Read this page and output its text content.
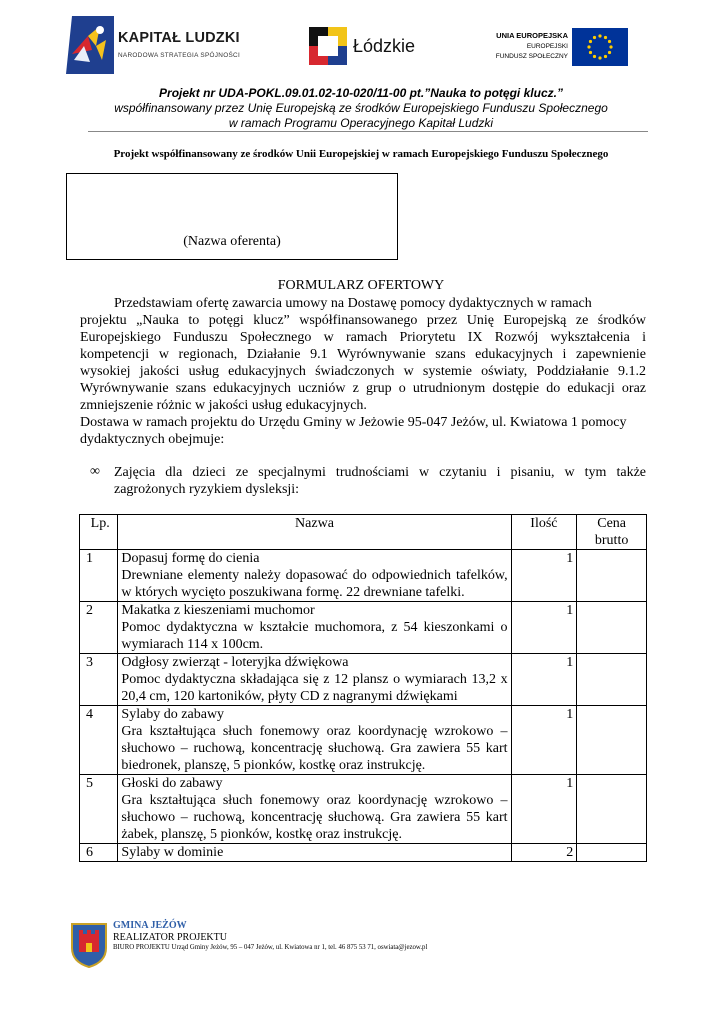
KAPITAŁ LUDZKI
NARODOWA STRATEGIA SPÓJNOŚCI	Łódzkie
UNIA EUROPEJSKA
EUROPEJSKI
FUNDUSZ SPOŁECZNY
Projekt nr UDA-POKL.09.01.02-10-020/11-00 pt.”Nauka to potęgi klucz.”
współfinansowany przez Unię Europejską ze środków Europejskiego Funduszu Społecznego
w ramach Programu Operacyjnego Kapitał Ludzki
Projekt współfinansowany ze środków Unii Europejskiej w ramach Europejskiego Funduszu Społecznego
(Nazwa oferenta)
FORMULARZ OFERTOWY
Przedstawiam ofertę zawarcia umowy na Dostawę pomocy dydaktycznych w ramach
projektu „Nauka to potęgi klucz” współfinansowanego przez Unię Europejską ze środków
Europejskiego Funduszu Społecznego w ramach Priorytetu IX Rozwój wykształcenia i
kompetencji w regionach, Działanie 9.1 Wyrównywanie szans edukacyjnych i zapewnienie
wysokiej jakości usług edukacyjnych świadczonych w systemie oświaty, Poddziałanie 9.1.2
Wyrównywanie szans edukacyjnych uczniów z grup o utrudnionym dostępie do edukacji oraz
zmniejszenie różnic w jakości usług edukacyjnych.
Dostawa w ramach projektu do Urzędu Gminy w Jeżowie 95-047 Jeżów, ul. Kwiatowa 1 pomocy
dydaktycznych obejmuje:
∞ Zajęcia dla dzieci ze specjalnymi trudnościami w czytaniu i pisaniu, w tym także
zagrożonych ryzykiem dysleksji:
Lp.	Nazwa	Ilość	Cena brutto
1	Dopasuj formę do cienia
Drewniane elementy należy dopasować do odpowiednich tafelków, w których wycięto poszukiwana formę. 22 drewniane tafelki.	1	
2	Makatka z kieszeniami muchomor
Pomoc dydaktyczna w kształcie muchomora, z 54 kieszonkami o wymiarach 114 x 100cm.	1	
3	Odgłosy zwierząt - loteryjka dźwiękowa
Pomoc dydaktyczna składająca się z 12 plansz o wymiarach 13,2 x 20,4 cm, 120 kartoników, płyty CD z nagranymi dźwiękami	1	
4	Sylaby do zabawy
Gra kształtująca słuch fonemowy oraz koordynację wzrokowo – słuchowo – ruchową, koncentrację słuchową. Gra zawiera 55 kart biedronek, planszę, 5 pionków, kostkę oraz instrukcję.	1	
5	Głoski do zabawy
Gra kształtująca słuch fonemowy oraz koordynację wzrokowo – słuchowo – ruchową, koncentrację słuchową. Gra zawiera 55 kart żabek, planszę, 5 pionków, kostkę oraz instrukcję.	1	
6	Sylaby w dominie	2	
GMINA JEŻÓW
REALIZATOR PROJEKTU
BIURO PROJEKTU Urząd Gminy Jeżów, 95 – 047 Jeżów, ul. Kwiatowa nr 1, tel. 46 875 53 71, oswiata@jezow.pl
